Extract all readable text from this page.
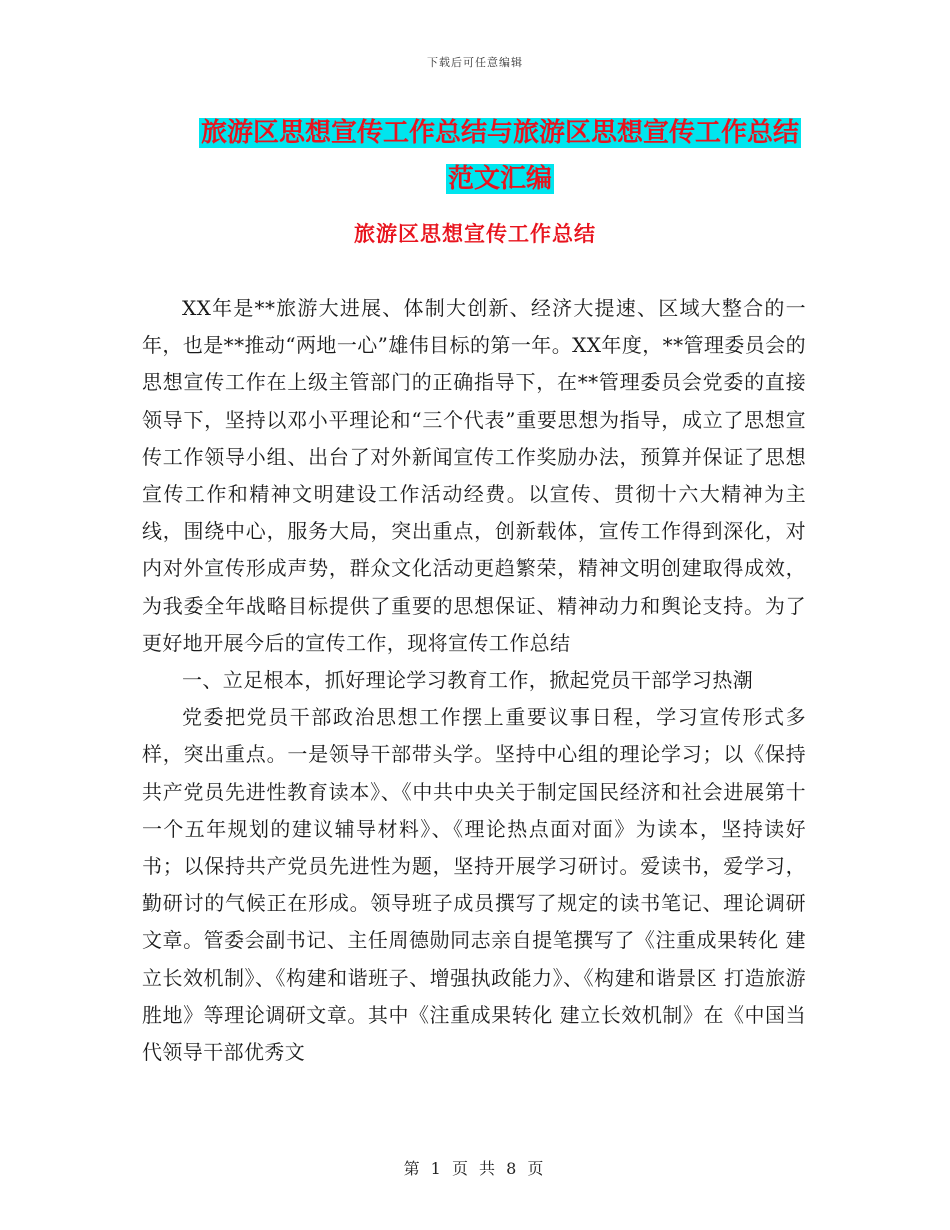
下载后可任意编辑
旅游区思想宣传工作总结与旅游区思想宣传工作总结
范文汇编
旅游区思想宣传工作总结

XX年是**旅游大进展、体制大创新、经济大提速、区域大整合的一年，也是**推动“两地一心”雄伟目标的第一年。XX年度，**管理委员会的思想宣传工作在上级主管部门的正确指导下，在**管理委员会党委的直接领导下，坚持以邓小平理论和“三个代表”重要思想为指导，成立了思想宣传工作领导小组、出台了对外新闻宣传工作奖励办法，预算并保证了思想宣传工作和精神文明建设工作活动经费。以宣传、贯彻十六大精神为主线，围绕中心，服务大局，突出重点，创新载体，宣传工作得到深化，对内对外宣传形成声势，群众文化活动更趋繁荣，精神文明创建取得成效，为我委全年战略目标提供了重要的思想保证、精神动力和舆论支持。为了更好地开展今后的宣传工作，现将宣传工作总结

一、立足根本，抓好理论学习教育工作，掀起党员干部学习热潮

党委把党员干部政治思想工作摆上重要议事日程，学习宣传形式多样，突出重点。一是领导干部带头学。坚持中心组的理论学习；以《保持共产党员先进性教育读本》、《中共中央关于制定国民经济和社会进展第十一个五年规划的建议辅导材料》、《理论热点面对面》为读本，坚持读好书；以保持共产党员先进性为题，坚持开展学习研讨。爱读书，爱学习，勤研讨的气候正在形成。领导班子成员撰写了规定的读书笔记、理论调研文章。管委会副书记、主任周德勋同志亲自提笔撰写了《注重成果转化 建立长效机制》、《构建和谐班子、增强执政能力》、《构建和谐景区 打造旅游胜地》等理论调研文章。其中《注重成果转化 建立长效机制》在《中国当代领导干部优秀文

第 1 页 共 8 页
